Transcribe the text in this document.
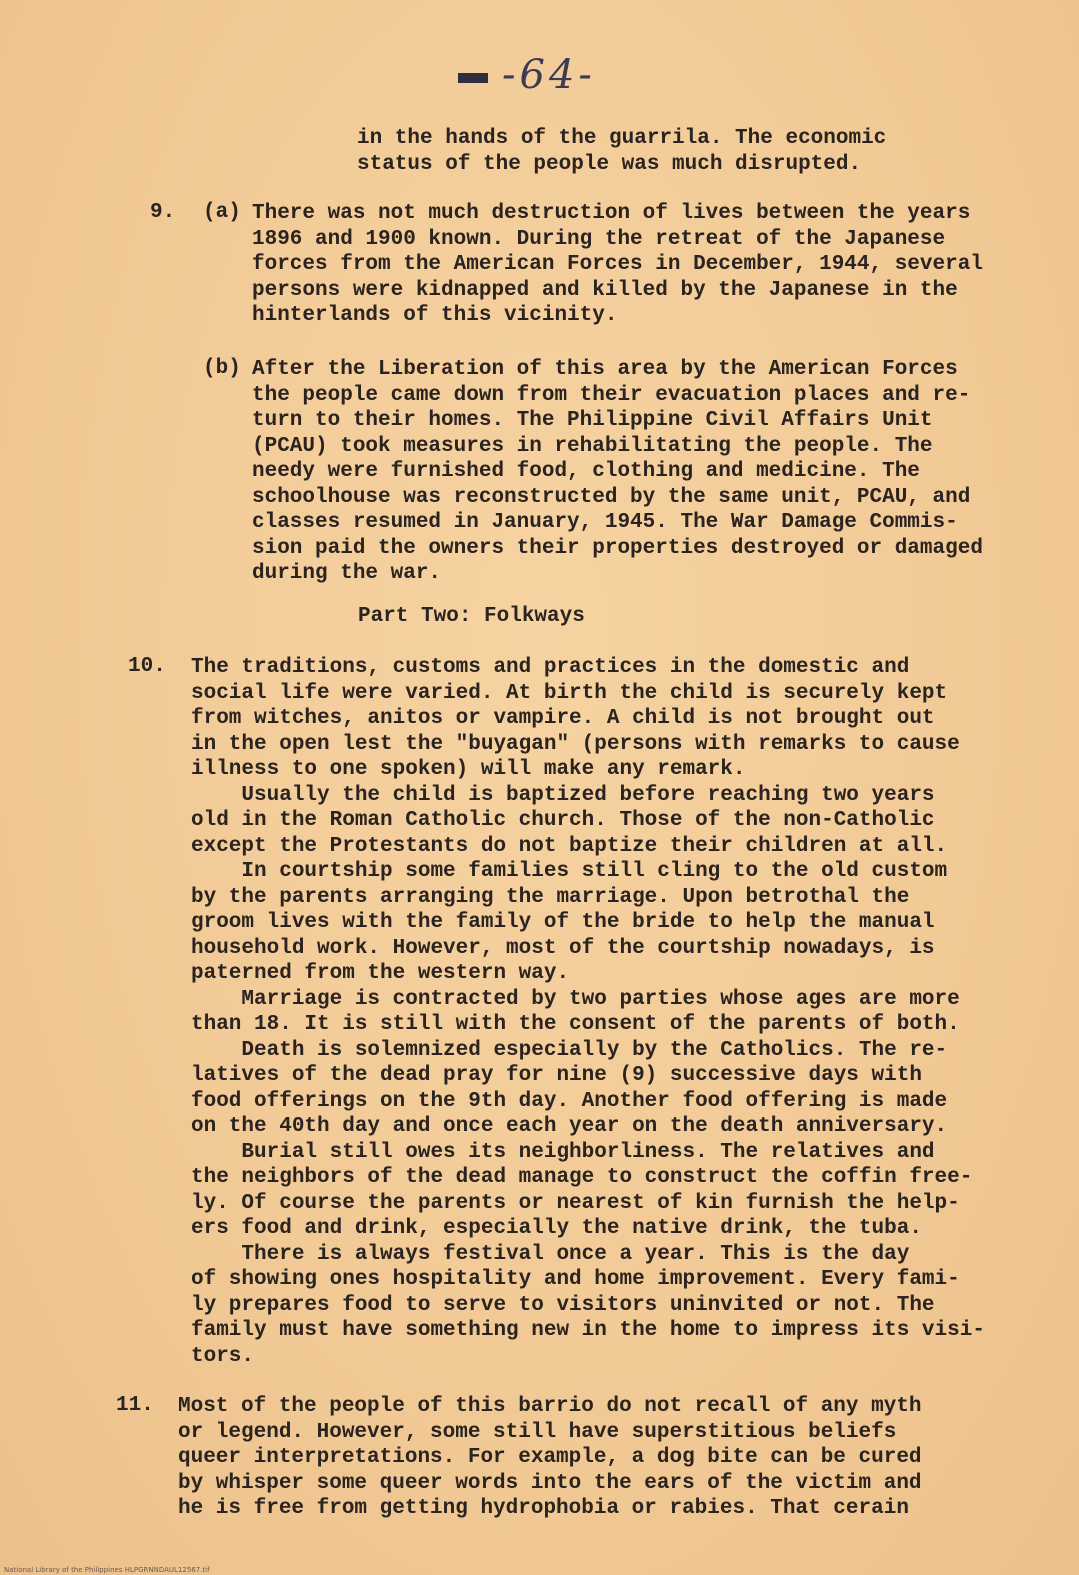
-64-
in the hands of the guarrila. The economic
status of the people was much disrupted.
9. (a) There was not much destruction of lives between the years
1896 and 1900 known. During the retreat of the Japanese
forces from the American Forces in December, 1944, several
persons were kidnapped and killed by the Japanese in the
hinterlands of this vicinity.
(b) After the Liberation of this area by the American Forces
the people came down from their evacuation places and re-
turn to their homes. The Philippine Civil Affairs Unit
(PCAU) took measures in rehabilitating the people. The
needy were furnished food, clothing and medicine. The
schoolhouse was reconstructed by the same unit, PCAU, and
classes resumed in January, 1945. The War Damage Commis-
sion paid the owners their properties destroyed or damaged
during the war.
Part Two: Folkways
10. The traditions, customs and practices in the domestic and
social life were varied. At birth the child is securely kept
from witches, anitos or vampire. A child is not brought out
in the open lest the "buyagan" (persons with remarks to cause
illness to one spoken) will make any remark.
Usually the child is baptized before reaching two years
old in the Roman Catholic church. Those of the non-Catholic
except the Protestants do not baptize their children at all.
In courtship some families still cling to the old custom
by the parents arranging the marriage. Upon betrothal the
groom lives with the family of the bride to help the manual
household work. However, most of the courtship nowadays, is
paterned from the western way.
Marriage is contracted by two parties whose ages are more
than 18. It is still with the consent of the parents of both.
Death is solemnized especially by the Catholics. The re-
latives of the dead pray for nine (9) successive days with
food offerings on the 9th day. Another food offering is made
on the 40th day and once each year on the death anniversary.
Burial still owes its neighborliness. The relatives and
the neighbors of the dead manage to construct the coffin free-
ly. Of course the parents or nearest of kin furnish the help-
ers food and drink, especially the native drink, the tuba.
There is always festival once a year. This is the day
of showing ones hospitality and home improvement. Every fami-
ly prepares food to serve to visitors uninvited or not. The
family must have something new in the home to impress its visi-
tors.
11. Most of the people of this barrio do not recall of any myth
or legend. However, some still have superstitious beliefs
queer interpretations. For example, a dog bite can be cured
by whisper some queer words into the ears of the victim and
he is free from getting hydrophobia or rabies. That cerain
National Library of the Philippines HLPGRNNDAUL12567.tif
